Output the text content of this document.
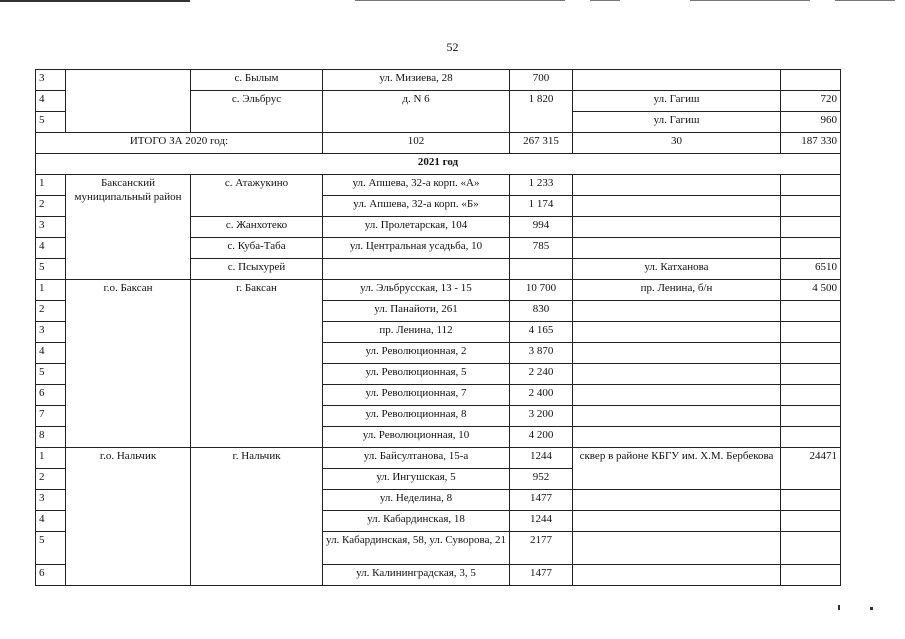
52
3		с. Былым	ул. Мизиева, 28	700		
4		с. Эльбрус	д. N 6	1 820	ул. Гагиш	720
5					ул. Гагиш	960
ИТОГО ЗА 2020 год:			102	267 315	30	187 330
2021 год						
1	Баксанский муниципальный район	с. Атажукино	ул. Апшева, 32-а корп. «А»	1 233		
2			ул. Апшева, 32-а корп. «Б»	1 174		
3		с. Жанхотеко	ул. Пролетарская, 104	994		
4		с. Куба-Таба	ул. Центральная усадьба, 10	785		
5		с. Псыхурей			ул. Катханова	6510
1	г.о. Баксан	г. Баксан	ул. Эльбрусская, 13 - 15	10 700	пр. Ленина, б/н	4 500
2			ул. Панайоти, 261	830		
3			пр. Ленина, 112	4 165		
4			ул. Революционная, 2	3 870		
5			ул. Революционная, 5	2 240		
6			ул. Революционная, 7	2 400		
7			ул. Революционная, 8	3 200		
8			ул. Революционная, 10	4 200		
1	г.о. Нальчик	г. Нальчик	ул. Байсултанова, 15-а	1244	сквер в районе КБГУ им. Х.М. Бербекова	24471
2			ул. Ингушская, 5	952		
3			ул. Неделина, 8	1477		
4			ул. Кабардинская, 18	1244		
5			ул. Кабардинская, 58, ул. Суворова, 21	2177		
6			ул. Калининградская, 3, 5	1477		
